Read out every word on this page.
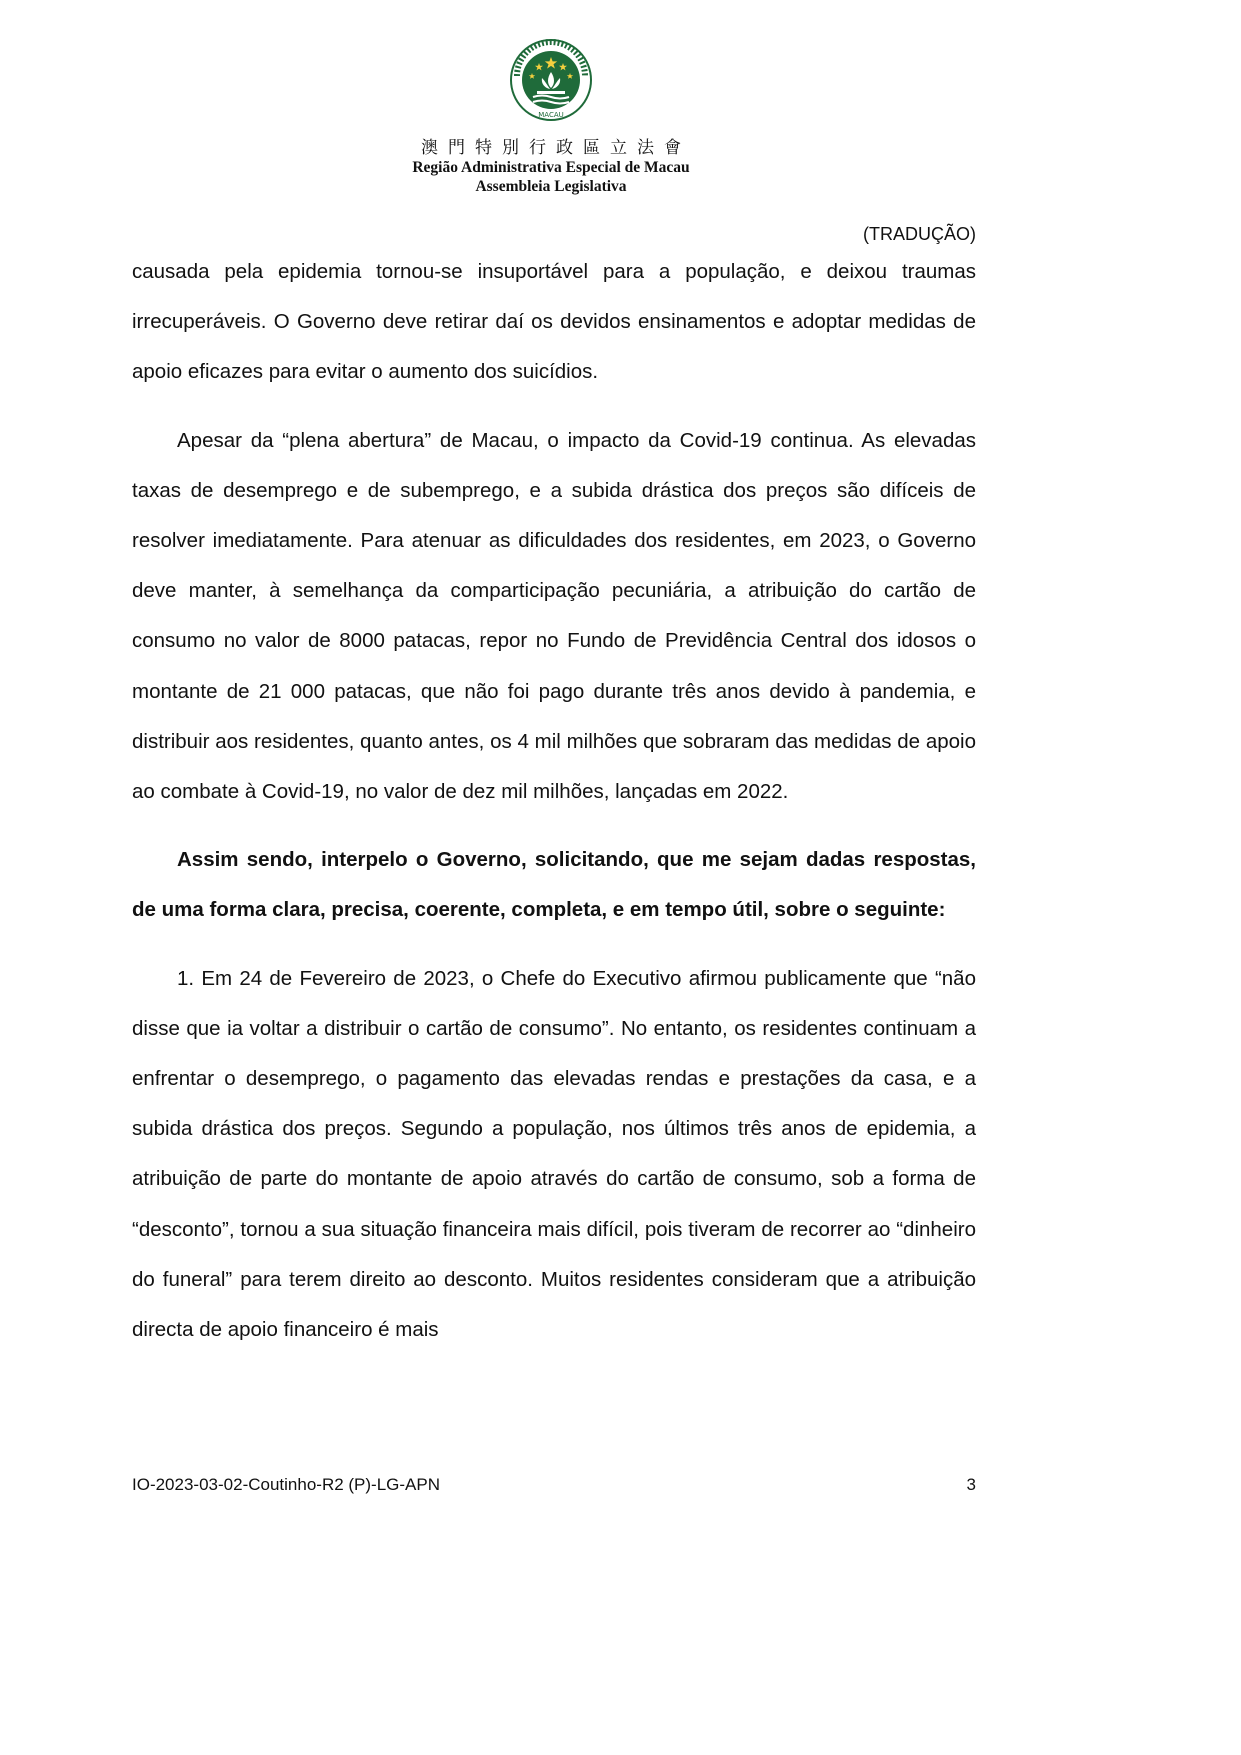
MACAU
澳門特別行政區立法會
Região Administrativa Especial de Macau
Assembleia Legislativa
(TRADUÇÃO)

causada pela epidemia tornou-se insuportável para a população, e deixou traumas irrecuperáveis. O Governo deve retirar daí os devidos ensinamentos e adoptar medidas de apoio eficazes para evitar o aumento dos suicídios.

Apesar da “plena abertura” de Macau, o impacto da Covid-19 continua. As elevadas taxas de desemprego e de subemprego, e a subida drástica dos preços são difíceis de resolver imediatamente. Para atenuar as dificuldades dos residentes, em 2023, o Governo deve manter, à semelhança da comparticipação pecuniária, a atribuição do cartão de consumo no valor de 8000 patacas, repor no Fundo de Previdência Central dos idosos o montante de 21 000 patacas, que não foi pago durante três anos devido à pandemia, e distribuir aos residentes, quanto antes, os 4 mil milhões que sobraram das medidas de apoio ao combate à Covid-19, no valor de dez mil milhões, lançadas em 2022.

Assim sendo, interpelo o Governo, solicitando, que me sejam dadas respostas, de uma forma clara, precisa, coerente, completa, e em tempo útil, sobre o seguinte:

1. Em 24 de Fevereiro de 2023, o Chefe do Executivo afirmou publicamente que “não disse que ia voltar a distribuir o cartão de consumo”. No entanto, os residentes continuam a enfrentar o desemprego, o pagamento das elevadas rendas e prestações da casa, e a subida drástica dos preços. Segundo a população, nos últimos três anos de epidemia, a atribuição de parte do montante de apoio através do cartão de consumo, sob a forma de “desconto”, tornou a sua situação financeira mais difícil, pois tiveram de recorrer ao “dinheiro do funeral” para terem direito ao desconto. Muitos residentes consideram que a atribuição directa de apoio financeiro é mais

IO-2023-03-02-Coutinho-R2 (P)-LG-APN	3
